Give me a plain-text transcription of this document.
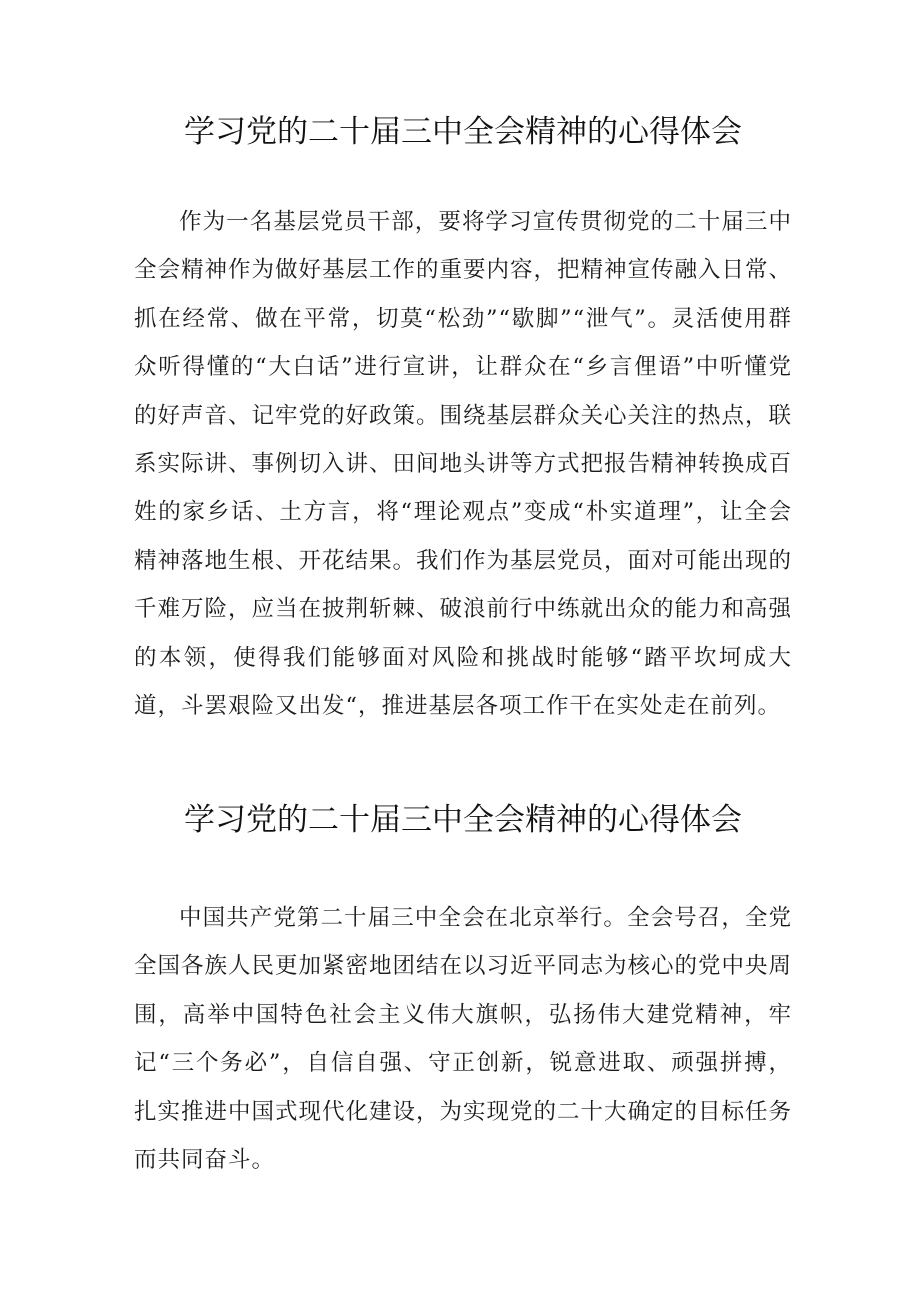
学习党的二十届三中全会精神的心得体会

作为一名基层党员干部，要将学习宣传贯彻党的二十届三中全会精神作为做好基层工作的重要内容，把精神宣传融入日常、抓在经常、做在平常，切莫“松劲”“歇脚”“泄气”。灵活使用群众听得懂的“大白话”进行宣讲，让群众在“乡言俚语”中听懂党的好声音、记牢党的好政策。围绕基层群众关心关注的热点，联系实际讲、事例切入讲、田间地头讲等方式把报告精神转换成百姓的家乡话、土方言，将“理论观点”变成“朴实道理”，让全会精神落地生根、开花结果。我们作为基层党员，面对可能出现的千难万险，应当在披荆斩棘、破浪前行中练就出众的能力和高强的本领，使得我们能够面对风险和挑战时能够“踏平坎坷成大道，斗罢艰险又出发“，推进基层各项工作干在实处走在前列。

学习党的二十届三中全会精神的心得体会

中国共产党第二十届三中全会在北京举行。全会号召，全党全国各族人民更加紧密地团结在以习近平同志为核心的党中央周围，高举中国特色社会主义伟大旗帜，弘扬伟大建党精神，牢记“三个务必”，自信自强、守正创新，锐意进取、顽强拼搏，扎实推进中国式现代化建设，为实现党的二十大确定的目标任务而共同奋斗。
